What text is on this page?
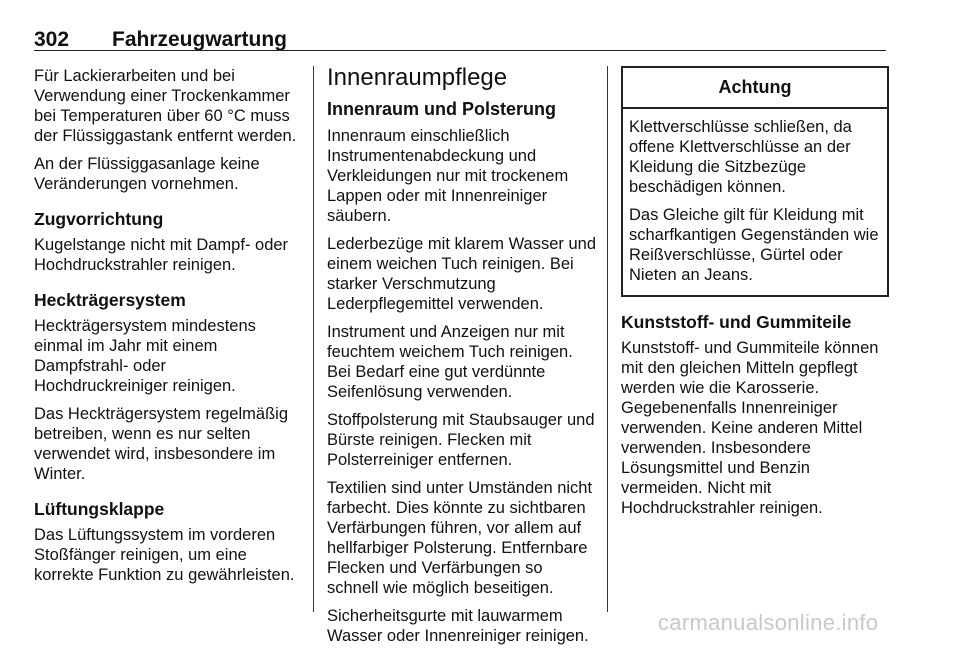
302 Fahrzeugwartung

Für Lackierarbeiten und bei Verwendung einer Trockenkammer bei Temperaturen über 60 °C muss der Flüssiggastank entfernt werden.

An der Flüssiggasanlage keine Veränderungen vornehmen.

Zugvorrichtung

Kugelstange nicht mit Dampf- oder Hochdruckstrahler reinigen.

Heckträgersystem

Heckträgersystem mindestens einmal im Jahr mit einem Dampfstrahl- oder Hochdruckreiniger reinigen.

Das Heckträgersystem regelmäßig betreiben, wenn es nur selten verwendet wird, insbesondere im Winter.

Lüftungsklappe

Das Lüftungssystem im vorderen Stoßfänger reinigen, um eine korrekte Funktion zu gewährleisten.

Innenraumpflege
Innenraum und Polsterung

Innenraum einschließlich Instrumentenabdeckung und Verkleidungen nur mit trockenem Lappen oder mit Innenreiniger säubern.

Lederbezüge mit klarem Wasser und einem weichen Tuch reinigen. Bei starker Verschmutzung Lederpflegemittel verwenden.

Instrument und Anzeigen nur mit feuchtem weichem Tuch reinigen. Bei Bedarf eine gut verdünnte Seifenlösung verwenden.

Stoffpolsterung mit Staubsauger und Bürste reinigen. Flecken mit Polsterreiniger entfernen.

Textilien sind unter Umständen nicht farbecht. Dies könnte zu sichtbaren Verfärbungen führen, vor allem auf hellfarbiger Polsterung. Entfernbare Flecken und Verfärbungen so schnell wie möglich beseitigen.

Sicherheitsgurte mit lauwarmem Wasser oder Innenreiniger reinigen.

Achtung

Klettverschlüsse schließen, da offene Klettverschlüsse an der Kleidung die Sitzbezüge beschädigen können.

Das Gleiche gilt für Kleidung mit scharfkantigen Gegenständen wie Reißverschlüsse, Gürtel oder Nieten an Jeans.

Kunststoff- und Gummiteile

Kunststoff- und Gummiteile können mit den gleichen Mitteln gepflegt werden wie die Karosserie. Gegebenenfalls Innenreiniger verwenden. Keine anderen Mittel verwenden. Insbesondere Lösungsmittel und Benzin vermeiden. Nicht mit Hochdruckstrahler reinigen.

carmanualsonline.info
